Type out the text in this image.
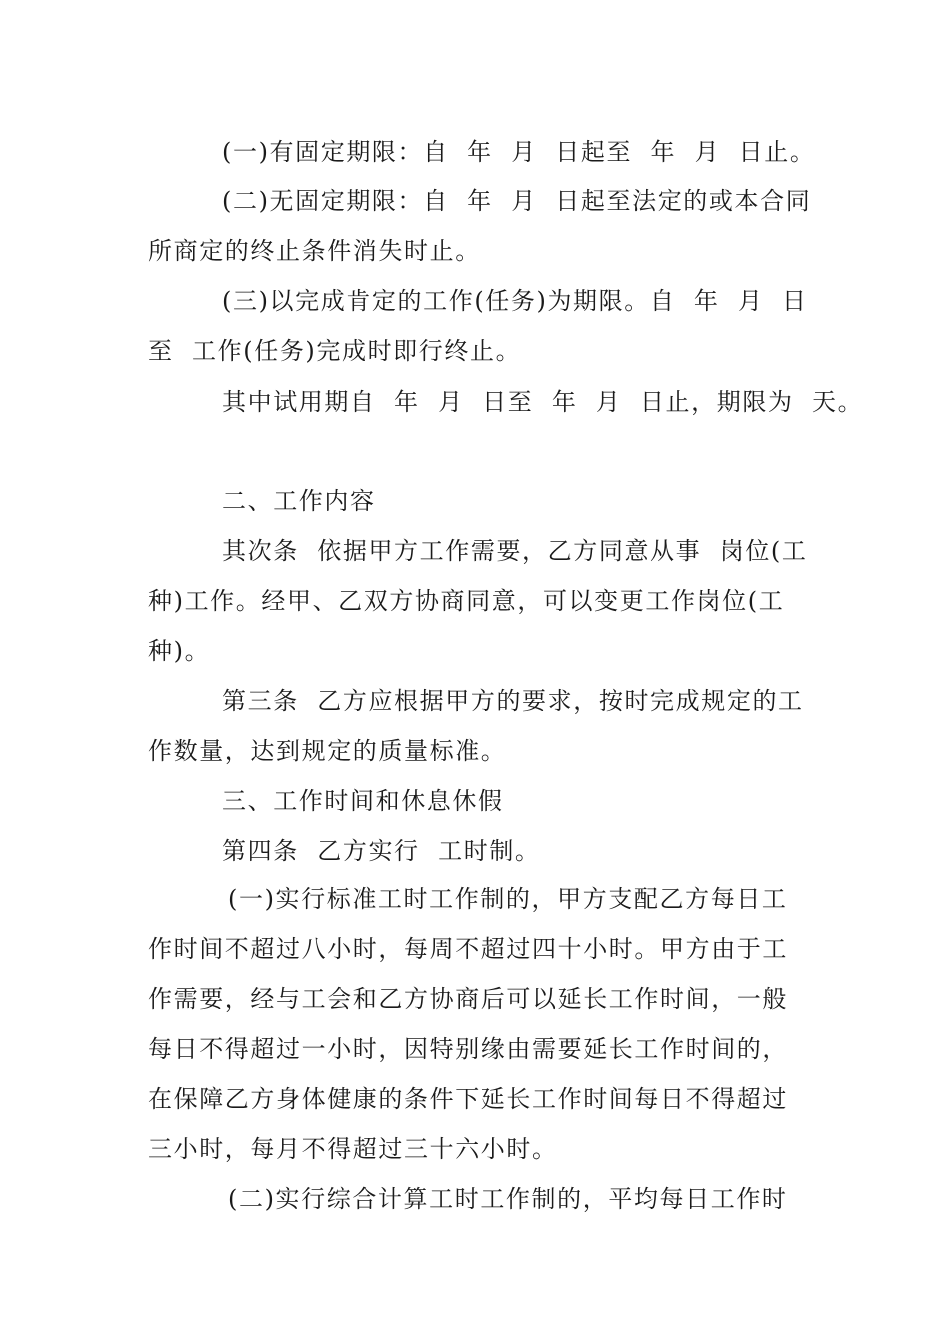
(一)有固定期限：自  年  月  日起至  年  月  日止。
(二)无固定期限：自  年  月  日起至法定的或本合同
所商定的终止条件消失时止。
(三)以完成肯定的工作(任务)为期限。自  年  月  日
至  工作(任务)完成时即行终止。
其中试用期自  年  月  日至  年  月  日止，期限为  天。
二、工作内容
其次条  依据甲方工作需要，乙方同意从事  岗位(工
种)工作。经甲、乙双方协商同意，可以变更工作岗位(工
种)。
第三条  乙方应根据甲方的要求，按时完成规定的工
作数量，达到规定的质量标准。
三、工作时间和休息休假
第四条  乙方实行  工时制。
(一)实行标准工时工作制的，甲方支配乙方每日工
作时间不超过八小时，每周不超过四十小时。甲方由于工
作需要，经与工会和乙方协商后可以延长工作时间，一般
每日不得超过一小时，因特别缘由需要延长工作时间的，
在保障乙方身体健康的条件下延长工作时间每日不得超过
三小时，每月不得超过三十六小时。
(二)实行综合计算工时工作制的，平均每日工作时
